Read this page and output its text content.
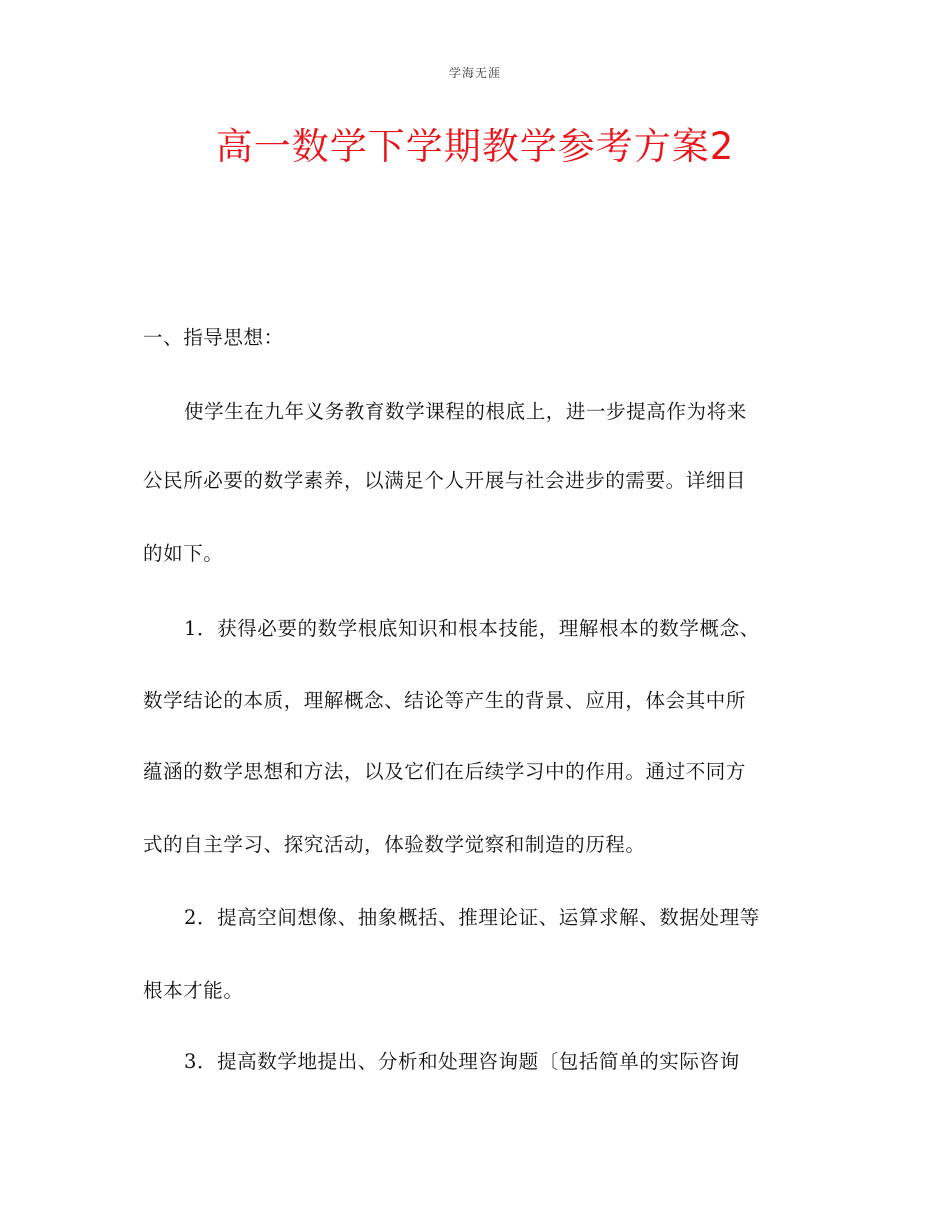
学海无涯
高一数学下学期教学参考方案2
一、指导思想：
使学生在九年义务教育数学课程的根底上，进一步提高作为将来
公民所必要的数学素养，以满足个人开展与社会进步的需要。详细目
的如下。
1．获得必要的数学根底知识和根本技能，理解根本的数学概念、
数学结论的本质，理解概念、结论等产生的背景、应用，体会其中所
蕴涵的数学思想和方法，以及它们在后续学习中的作用。通过不同方
式的自主学习、探究活动，体验数学觉察和制造的历程。
2．提高空间想像、抽象概括、推理论证、运算求解、数据处理等
根本才能。
3．提高数学地提出、分析和处理咨询题〔包括简单的实际咨询
